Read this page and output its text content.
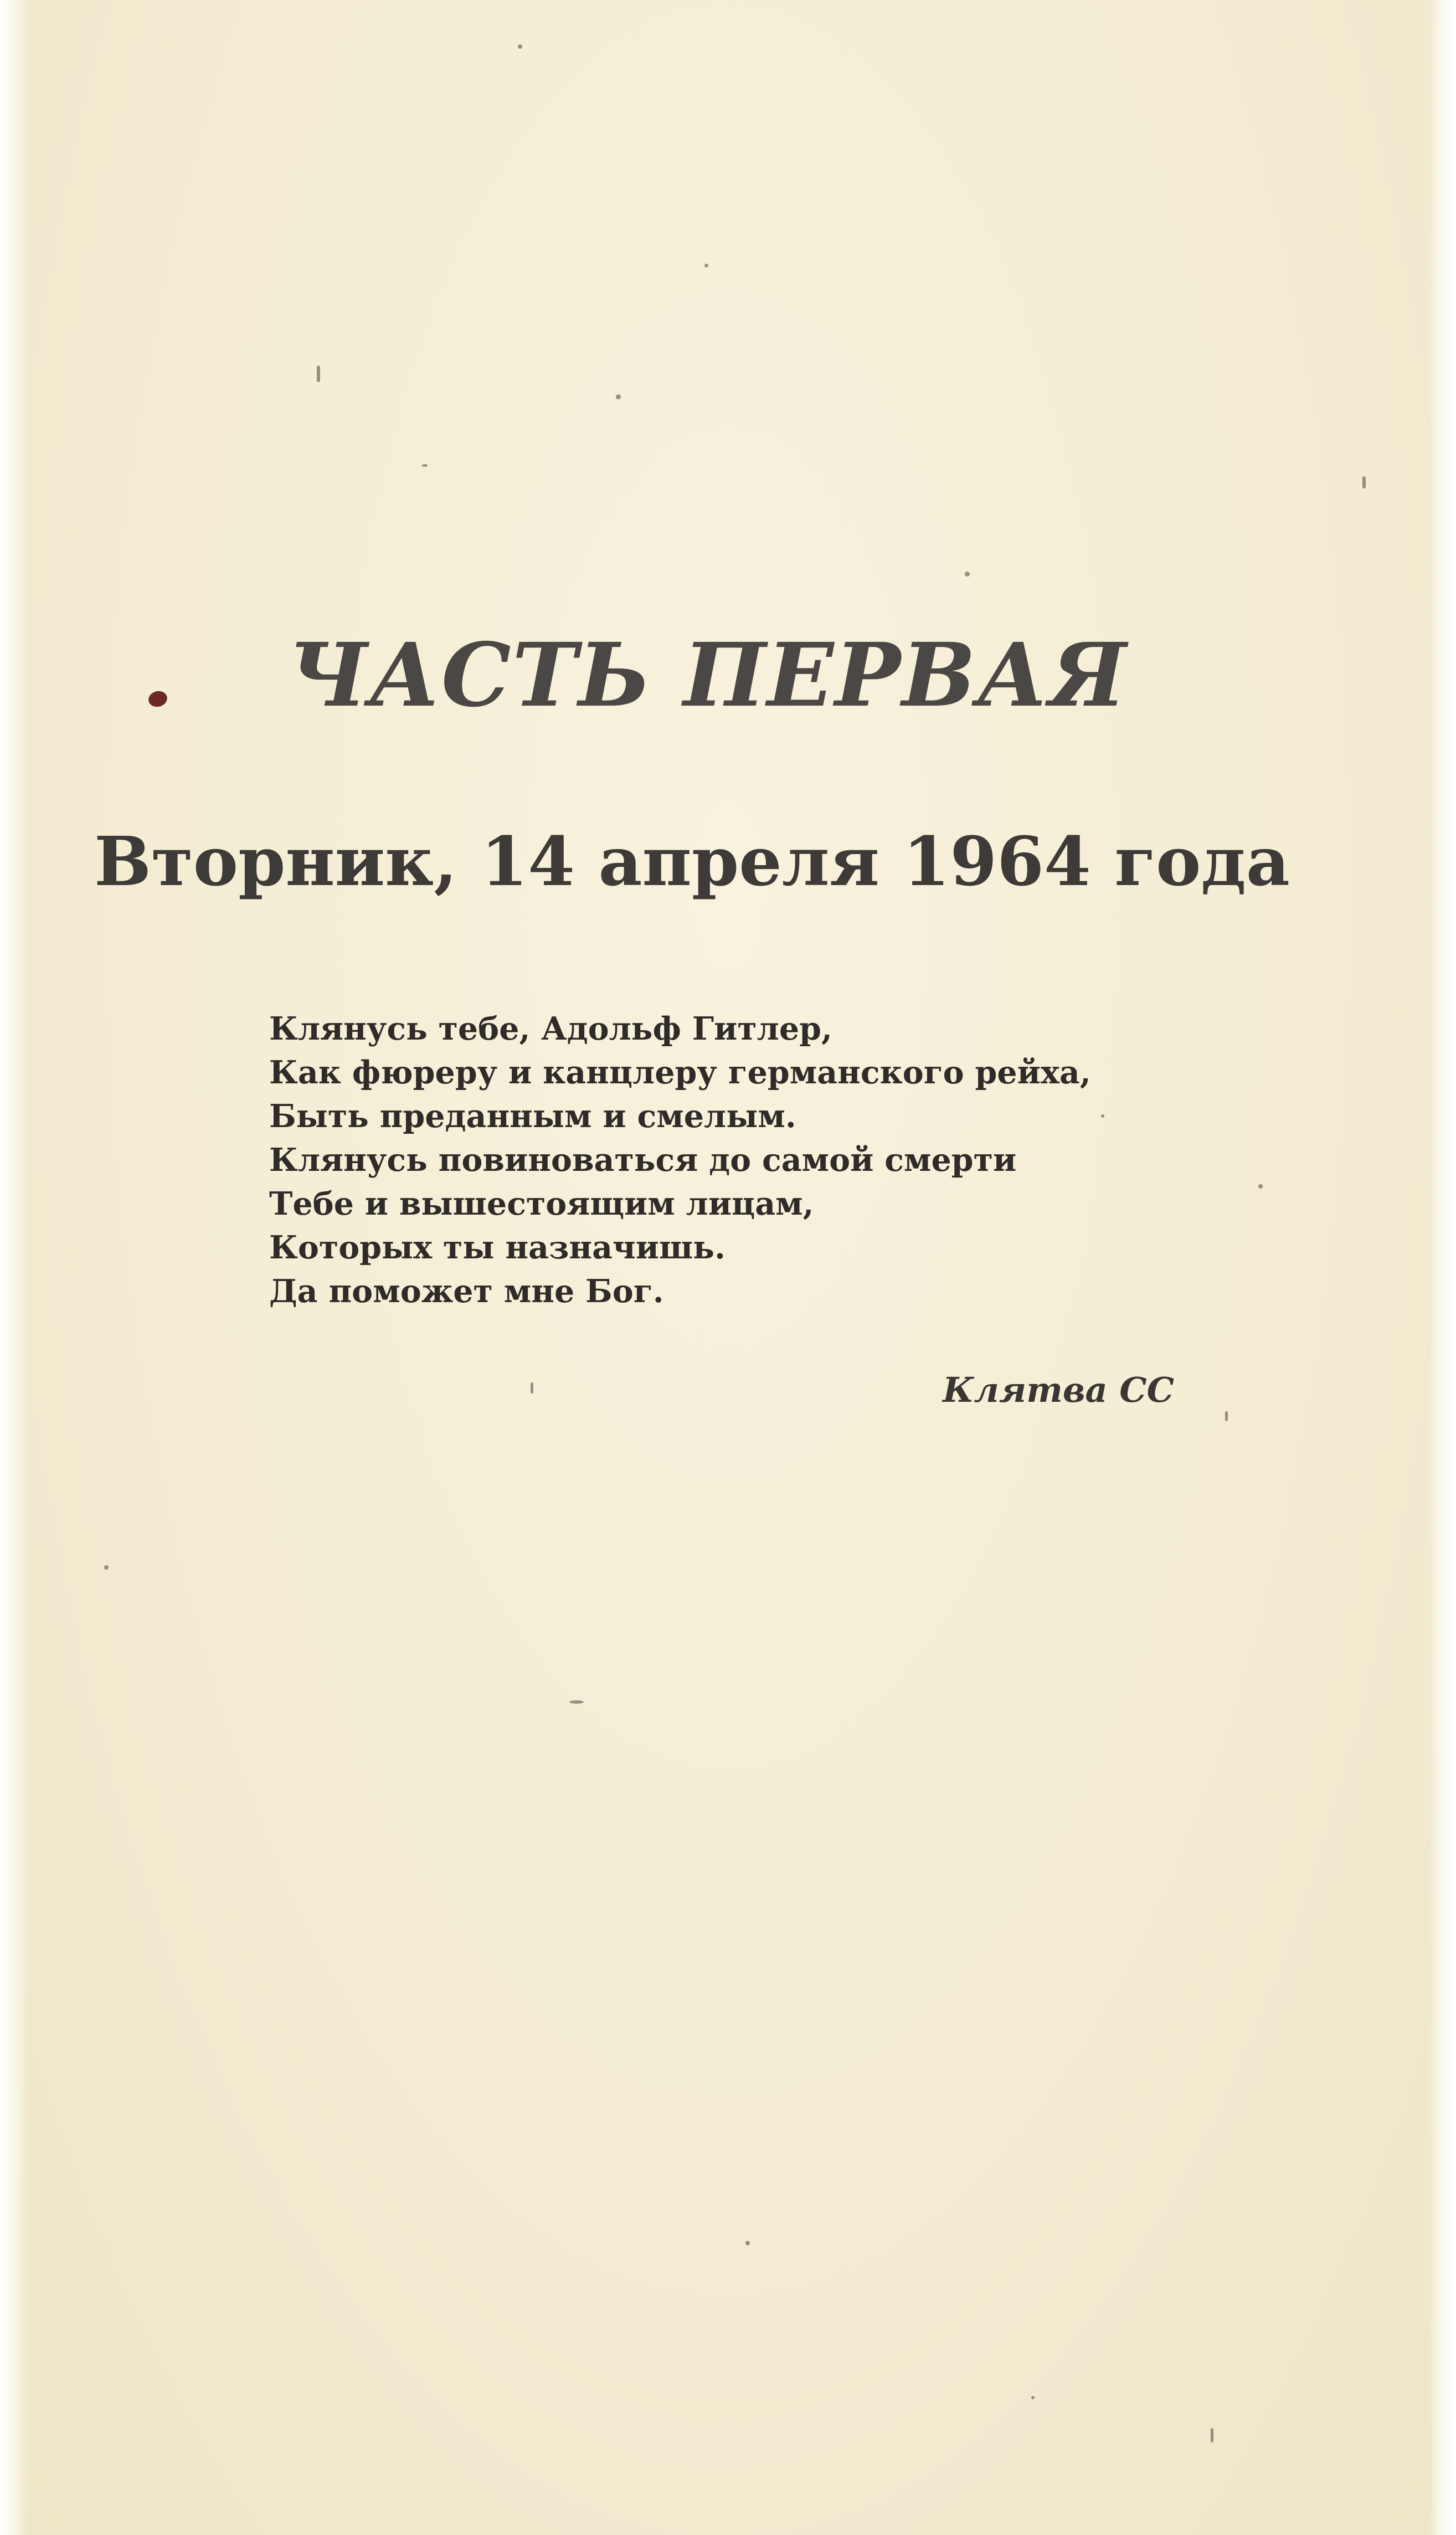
ЧАСТЬ ПЕРВАЯ
Вторник, 14 апреля 1964 года
Клянусь тебе, Адольф Гитлер,
Как фюреру и канцлеру германского рейха,
Быть преданным и смелым.
Клянусь повиноваться до самой смерти
Тебе и вышестоящим лицам,
Которых ты назначишь.
Да поможет мне Бог.
Клятва СС
